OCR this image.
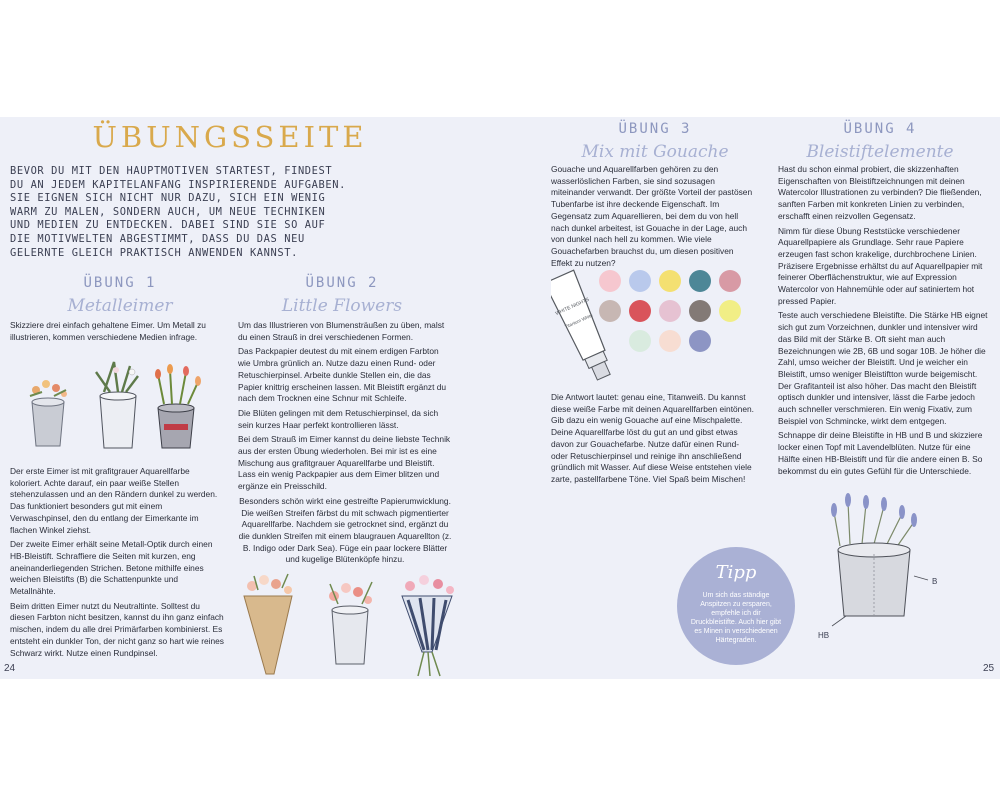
ÜBUNGSSEITE
BEVOR DU MIT DEN HAUPTMOTIVEN STARTEST, FINDEST DU AN JEDEM KAPITELANFANG INSPIRIERENDE AUFGABEN. SIE EIGNEN SICH NICHT NUR DAZU, SICH EIN WENIG WARM ZU MALEN, SONDERN AUCH, UM NEUE TECHNIKEN UND MEDIEN ZU ENTDECKEN. DABEI SIND SIE SO AUF DIE MOTIVWELTEN ABGESTIMMT, DASS DU DAS NEU GELERNTE GLEICH PRAKTISCH ANWENDEN KANNST.
ÜBUNG 1
Metalleimer

Skizziere drei einfach gehaltene Eimer. Um Metall zu illustrieren, kommen verschiedene Medien infrage.

Der erste Eimer ist mit grafitgrauer Aquarellfarbe koloriert. Achte darauf, ein paar weiße Stellen stehenzulassen und an den Rändern dunkel zu werden. Das funktioniert besonders gut mit einem Verwaschpinsel, den du entlang der Eimerkante im flachen Winkel ziehst.

Der zweite Eimer erhält seine Metall-Optik durch einen HB-Bleistift. Schraffiere die Seiten mit kurzen, eng aneinanderliegenden Strichen. Betone mithilfe eines weichen Bleistifts (B) die Schattenpunkte und Metallnähte.

Beim dritten Eimer nutzt du Neutraltinte. Solltest du diesen Farbton nicht besitzen, kannst du ihn ganz einfach mischen, indem du alle drei Primärfarben kombinierst. Es entsteht ein dunkler Ton, der nicht ganz so hart wie reines Schwarz wirkt. Nutze einen Rundpinsel.

ÜBUNG 2
Little Flowers

Um das Illustrieren von Blumensträußen zu üben, malst du einen Strauß in drei verschiedenen Formen.

Das Packpapier deutest du mit einem erdigen Farbton wie Umbra grünlich an. Nutze dazu einen Rund- oder Retuschierpinsel. Arbeite dunkle Stellen ein, die das Papier knittrig erscheinen lassen. Mit Bleistift ergänzt du nach dem Trocknen eine Schnur mit Schleife.

Die Blüten gelingen mit dem Retuschierpinsel, da sich sein kurzes Haar perfekt kontrollieren lässt.

Bei dem Strauß im Eimer kannst du deine liebste Technik aus der ersten Übung wiederholen. Bei mir ist es eine Mischung aus grafitgrauer Aquarellfarbe und Bleistift. Lass ein wenig Packpapier aus dem Eimer blitzen und ergänze ein Preisschild.

Besonders schön wirkt eine gestreifte Papierumwicklung. Die weißen Streifen färbst du mit schwach pigmentierter Aquarellfarbe. Nachdem sie getrocknet sind, ergänzt du die dunklen Streifen mit einem blaugrauen Aquarellton (z. B. Indigo oder Dark Sea). Füge ein paar lockere Blätter und kugelige Blütenköpfe hinzu.

24
ÜBUNG 3
Mix mit Gouache

Gouache und Aquarellfarben gehören zu den wasserlöslichen Farben, sie sind sozusagen miteinander verwandt. Der größte Vorteil der pastösen Tubenfarbe ist ihre deckende Eigenschaft. Im Gegensatz zum Aquarellieren, bei dem du von hell nach dunkel arbeitest, ist Gouache in der Lage, auch von dunkel nach hell zu kommen. Wie viele Gouachefarben brauchst du, um diesen positiven Effekt zu nutzen?

WHITE NIGHTS
Titanium White

Die Antwort lautet: genau eine, Titanweiß. Du kannst diese weiße Farbe mit deinen Aquarellfarben eintönen. Gib dazu ein wenig Gouache auf eine Mischpalette. Deine Aquarellfarbe löst du gut an und gibst etwas davon zur Gouachefarbe. Nutze dafür einen Rund- oder Retuschierpinsel und reinige ihn anschließend gründlich mit Wasser. Auf diese Weise entstehen viele zarte, pastellfarbene Töne. Viel Spaß beim Mischen!

ÜBUNG 4
Bleistiftelemente

Hast du schon einmal probiert, die skizzenhaften Eigenschaften von Bleistiftzeichnungen mit deinen Watercolor Illustrationen zu verbinden? Die fließenden, sanften Farben mit konkreten Linien zu verbinden, erschafft einen reizvollen Gegensatz.

Nimm für diese Übung Reststücke verschiedener Aquarellpapiere als Grundlage. Sehr raue Papiere erzeugen fast schon krakelige, durchbrochene Linien. Präzisere Ergebnisse erhältst du auf Aquarellpapier mit feinerer Oberflächenstruktur, wie auf Expression Watercolor von Hahnemühle oder auf satiniertem hot pressed Papier.

Teste auch verschiedene Bleistifte. Die Stärke HB eignet sich gut zum Vorzeichnen, dunkler und intensiver wird das Bild mit der Stärke B. Oft sieht man auch Bezeichnungen wie 2B, 6B und sogar 10B. Je höher die Zahl, umso weicher der Bleistift. Und je weicher ein Bleistift, umso weniger Bleistiftton wurde beigemischt. Der Grafitanteil ist also höher. Das macht den Bleistift optisch dunkler und intensiver, lässt die Farbe jedoch auch schneller verschmieren. Ein wenig Fixativ, zum Beispiel von Schmincke, wirkt dem entgegen.

Schnappe dir deine Bleistifte in HB und B und skizziere locker einen Topf mit Lavendelblüten. Nutze für eine Hälfte einen HB-Bleistift und für die andere einen B. So bekommst du ein gutes Gefühl für die Unterschiede.

B
HB
Tipp
Um sich das ständige Anspitzen zu ersparen, empfehle ich dir Druckbleistifte. Auch hier gibt es Minen in verschiedenen Härtegraden.
25
